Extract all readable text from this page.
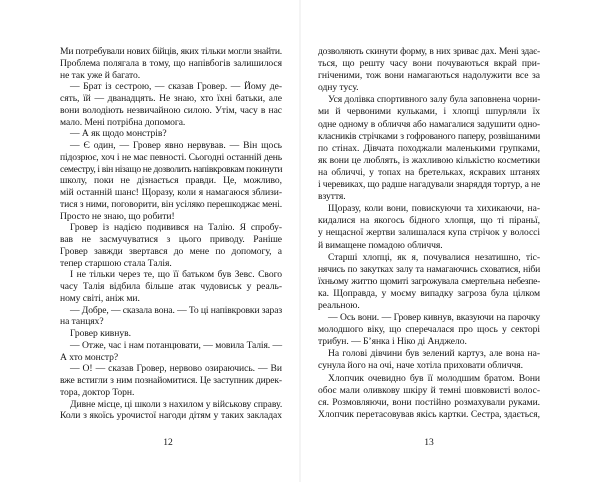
Ми потребували нових бійців, яких тільки могли знайти.
Проблема полягала в тому, що напівбогів залишилося
не так уже й багато.
— Брат із сестрою, — сказав Гровер. — Йому де-
сять, їй — дванадцять. Не знаю, хто їхні батьки, але
вони володіють незвичайною силою. Утім, часу в нас
мало. Мені потрібна допомога.
— А як щодо монстрів?
— Є один, — Гровер явно нервував. — Він щось
підозрює, хоч і не має певності. Сьогодні останній день
семестру, і він нізащо не дозволить напівкровкам покинути
школу, поки не дізнається правди. Це, можливо,
мій останній шанс! Щоразу, коли я намагаюся зблизи-
тися з ними, поговорити, він усіляко перешкоджає мені.
Просто не знаю, що робити!
Гровер із надією подивився на Талію. Я спробу-
вав не засмучуватися з цього приводу. Раніше
Гровер завжди звертався до мене по допомогу, а
тепер старшою стала Талія.
І не тільки через те, що її батьком був Зевс. Свого
часу Талія відбила більше атак чудовиськ у реаль-
ному світі, аніж ми.
— Добре, — сказала вона. — То ці напівкровки зараз
на танцях?
Гровер кивнув.
— Отже, час і нам потанцювати, — мовила Талія. —
А хто монстр?
— О! — сказав Гровер, нервово озираючись. — Ви
вже встигли з ним познайомитися. Це заступник дирек-
тора, доктор Торн.
Дивне місце, ці школи з нахилом у військову справу.
Коли з якоїсь урочистої нагоди дітям у таких закладах
12
дозволяють скинути форму, в них зриває дах. Мені здає-
ться, що решту часу вони почуваються вкрай при-
гніченими, тож вони намагаються надолужити все за
одну тусу.
Уся долівка спортивного залу була заповнена чорни-
ми й червоними кульками, і хлопці шпурляли їх
одне одному в обличчя або намагалися задушити одно-
класників стрічками з гофрованого паперу, розвішаними
по стінах. Дівчата походжали маленькими групками,
як вони це люблять, із жахливою кількістю косметики
на обличчі, у топах на бретельках, яскравих штанях
і черевиках, що радше нагадували знаряддя тортур, а не
взуття.
Щоразу, коли вони, повискуючи та хихикаючи, на-
кидалися на якогось бідного хлопця, що ті піраньї,
у нещасної жертви залишалася купа стрічок у волоссі
й вимащене помадою обличчя.
Старші хлопці, як я, почувалися незатишно, тіс-
нячись по закутках залу та намагаючись сховатися, ніби
їхньому життю щомиті загрожувала смертельна небезпе-
ка. Щоправда, у моєму випадку загроза була цілком
реальною.
— Ось вони. — Гровер кивнув, вказуючи на парочку
молодшого віку, що сперечалася про щось у секторі
трибун. — Б’янка і Ніко ді Анджело.
На голові дівчини був зелений картуз, але вона на-
сунула його на очі, наче хотіла приховати обличчя.
Хлопчик очевидно був її молодшим братом. Вони
обоє мали оливкову шкіру й темні шовковисті волос-
ся. Розмовляючи, вони постійно розмахували руками.
Хлопчик перетасовував якісь картки. Сестра, здається,
13
